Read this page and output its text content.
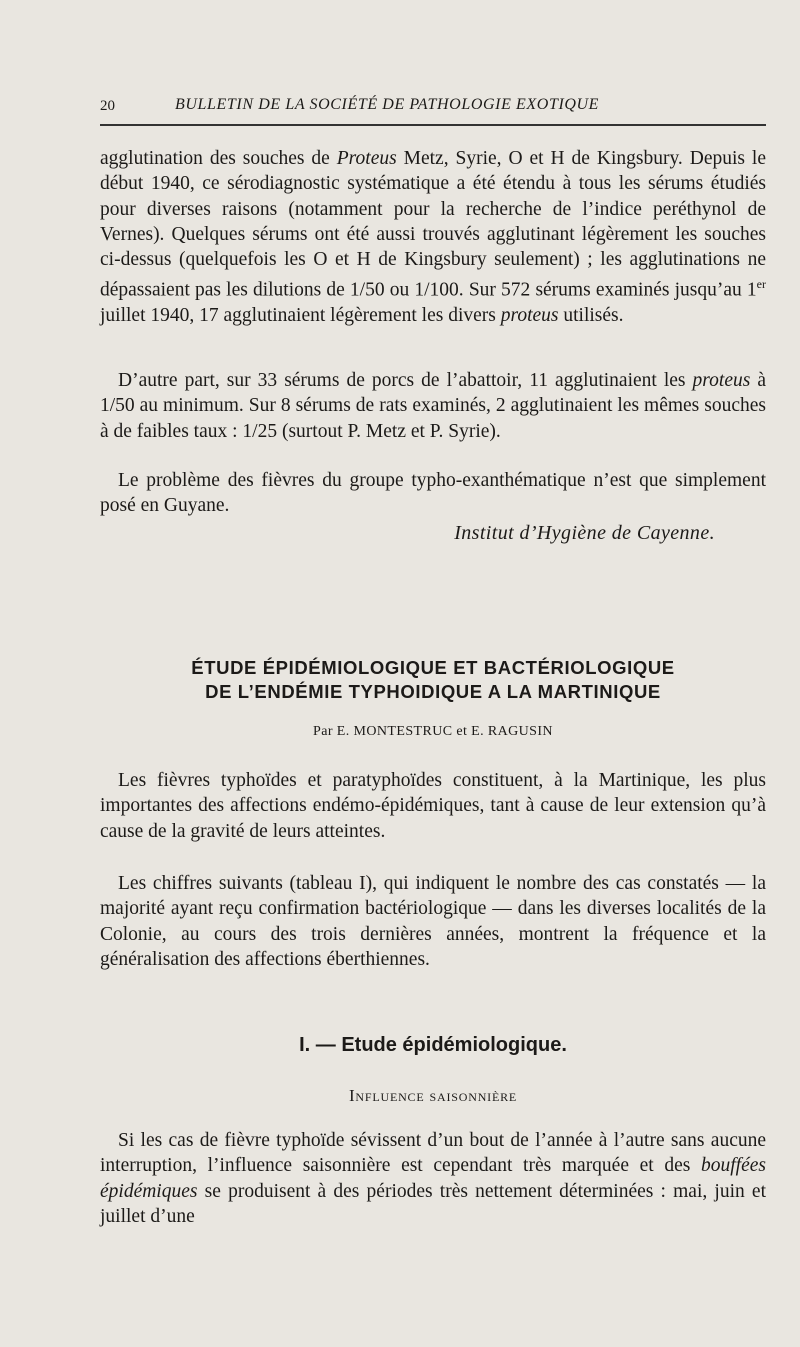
20	BULLETIN DE LA SOCIÉTÉ DE PATHOLOGIE EXOTIQUE

agglutination des souches de Proteus Metz, Syrie, O et H de Kingsbury. Depuis le début 1940, ce sérodiagnostic systématique a été étendu à tous les sérums étudiés pour diverses raisons (notamment pour la recherche de l’indice peréthynol de Vernes). Quelques sérums ont été aussi trouvés agglutinant légèrement les souches ci-dessus (quelquefois les O et H de Kingsbury seulement) ; les agglutinations ne dépassaient pas les dilutions de 1/50 ou 1/100. Sur 572 sérums examinés jusqu’au 1er juillet 1940, 17 agglutinaient légèrement les divers proteus utilisés.

D’autre part, sur 33 sérums de porcs de l’abattoir, 11 agglutinaient les proteus à 1/50 au minimum. Sur 8 sérums de rats examinés, 2 agglutinaient les mêmes souches à de faibles taux : 1/25 (surtout P. Metz et P. Syrie).

Le problème des fièvres du groupe typho-exanthématique n’est que simplement posé en Guyane.

Institut d’Hygiène de Cayenne.
ÉTUDE ÉPIDÉMIOLOGIQUE ET BACTÉRIOLOGIQUE
DE L’ENDÉMIE TYPHOIDIQUE A LA MARTINIQUE
Par E. MONTESTRUC et E. RAGUSIN

Les fièvres typhoïdes et paratyphoïdes constituent, à la Martinique, les plus importantes des affections endémo-épidémiques, tant à cause de leur extension qu’à cause de la gravité de leurs atteintes.

Les chiffres suivants (tableau I), qui indiquent le nombre des cas constatés — la majorité ayant reçu confirmation bactériologique — dans les diverses localités de la Colonie, au cours des trois dernières années, montrent la fréquence et la généralisation des affections éberthiennes.

I. — Etude épidémiologique.
Influence saisonnière

Si les cas de fièvre typhoïde sévissent d’un bout de l’année à l’autre sans aucune interruption, l’influence saisonnière est cependant très marquée et des bouffées épidémiques se produisent à des périodes très nettement déterminées : mai, juin et juillet d’une
